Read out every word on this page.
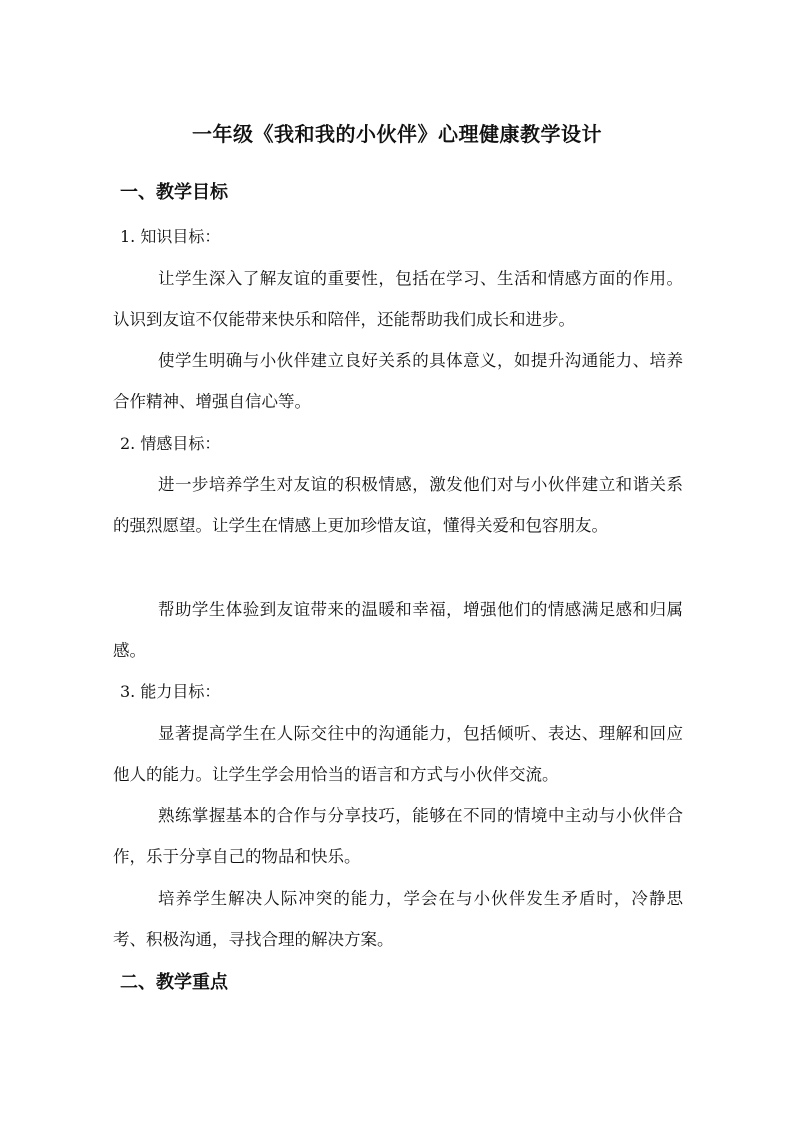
一年级《我和我的小伙伴》心理健康教学设计
一、教学目标
1. 知识目标：
让学生深入了解友谊的重要性，包括在学习、生活和情感方面的作用。认识到友谊不仅能带来快乐和陪伴，还能帮助我们成长和进步。
使学生明确与小伙伴建立良好关系的具体意义，如提升沟通能力、培养合作精神、增强自信心等。
2. 情感目标：
进一步培养学生对友谊的积极情感，激发他们对与小伙伴建立和谐关系的强烈愿望。让学生在情感上更加珍惜友谊，懂得关爱和包容朋友。
帮助学生体验到友谊带来的温暖和幸福，增强他们的情感满足感和归属感。
3. 能力目标：
显著提高学生在人际交往中的沟通能力，包括倾听、表达、理解和回应他人的能力。让学生学会用恰当的语言和方式与小伙伴交流。
熟练掌握基本的合作与分享技巧，能够在不同的情境中主动与小伙伴合作，乐于分享自己的物品和快乐。
培养学生解决人际冲突的能力，学会在与小伙伴发生矛盾时，冷静思考、积极沟通，寻找合理的解决方案。
二、教学重点
